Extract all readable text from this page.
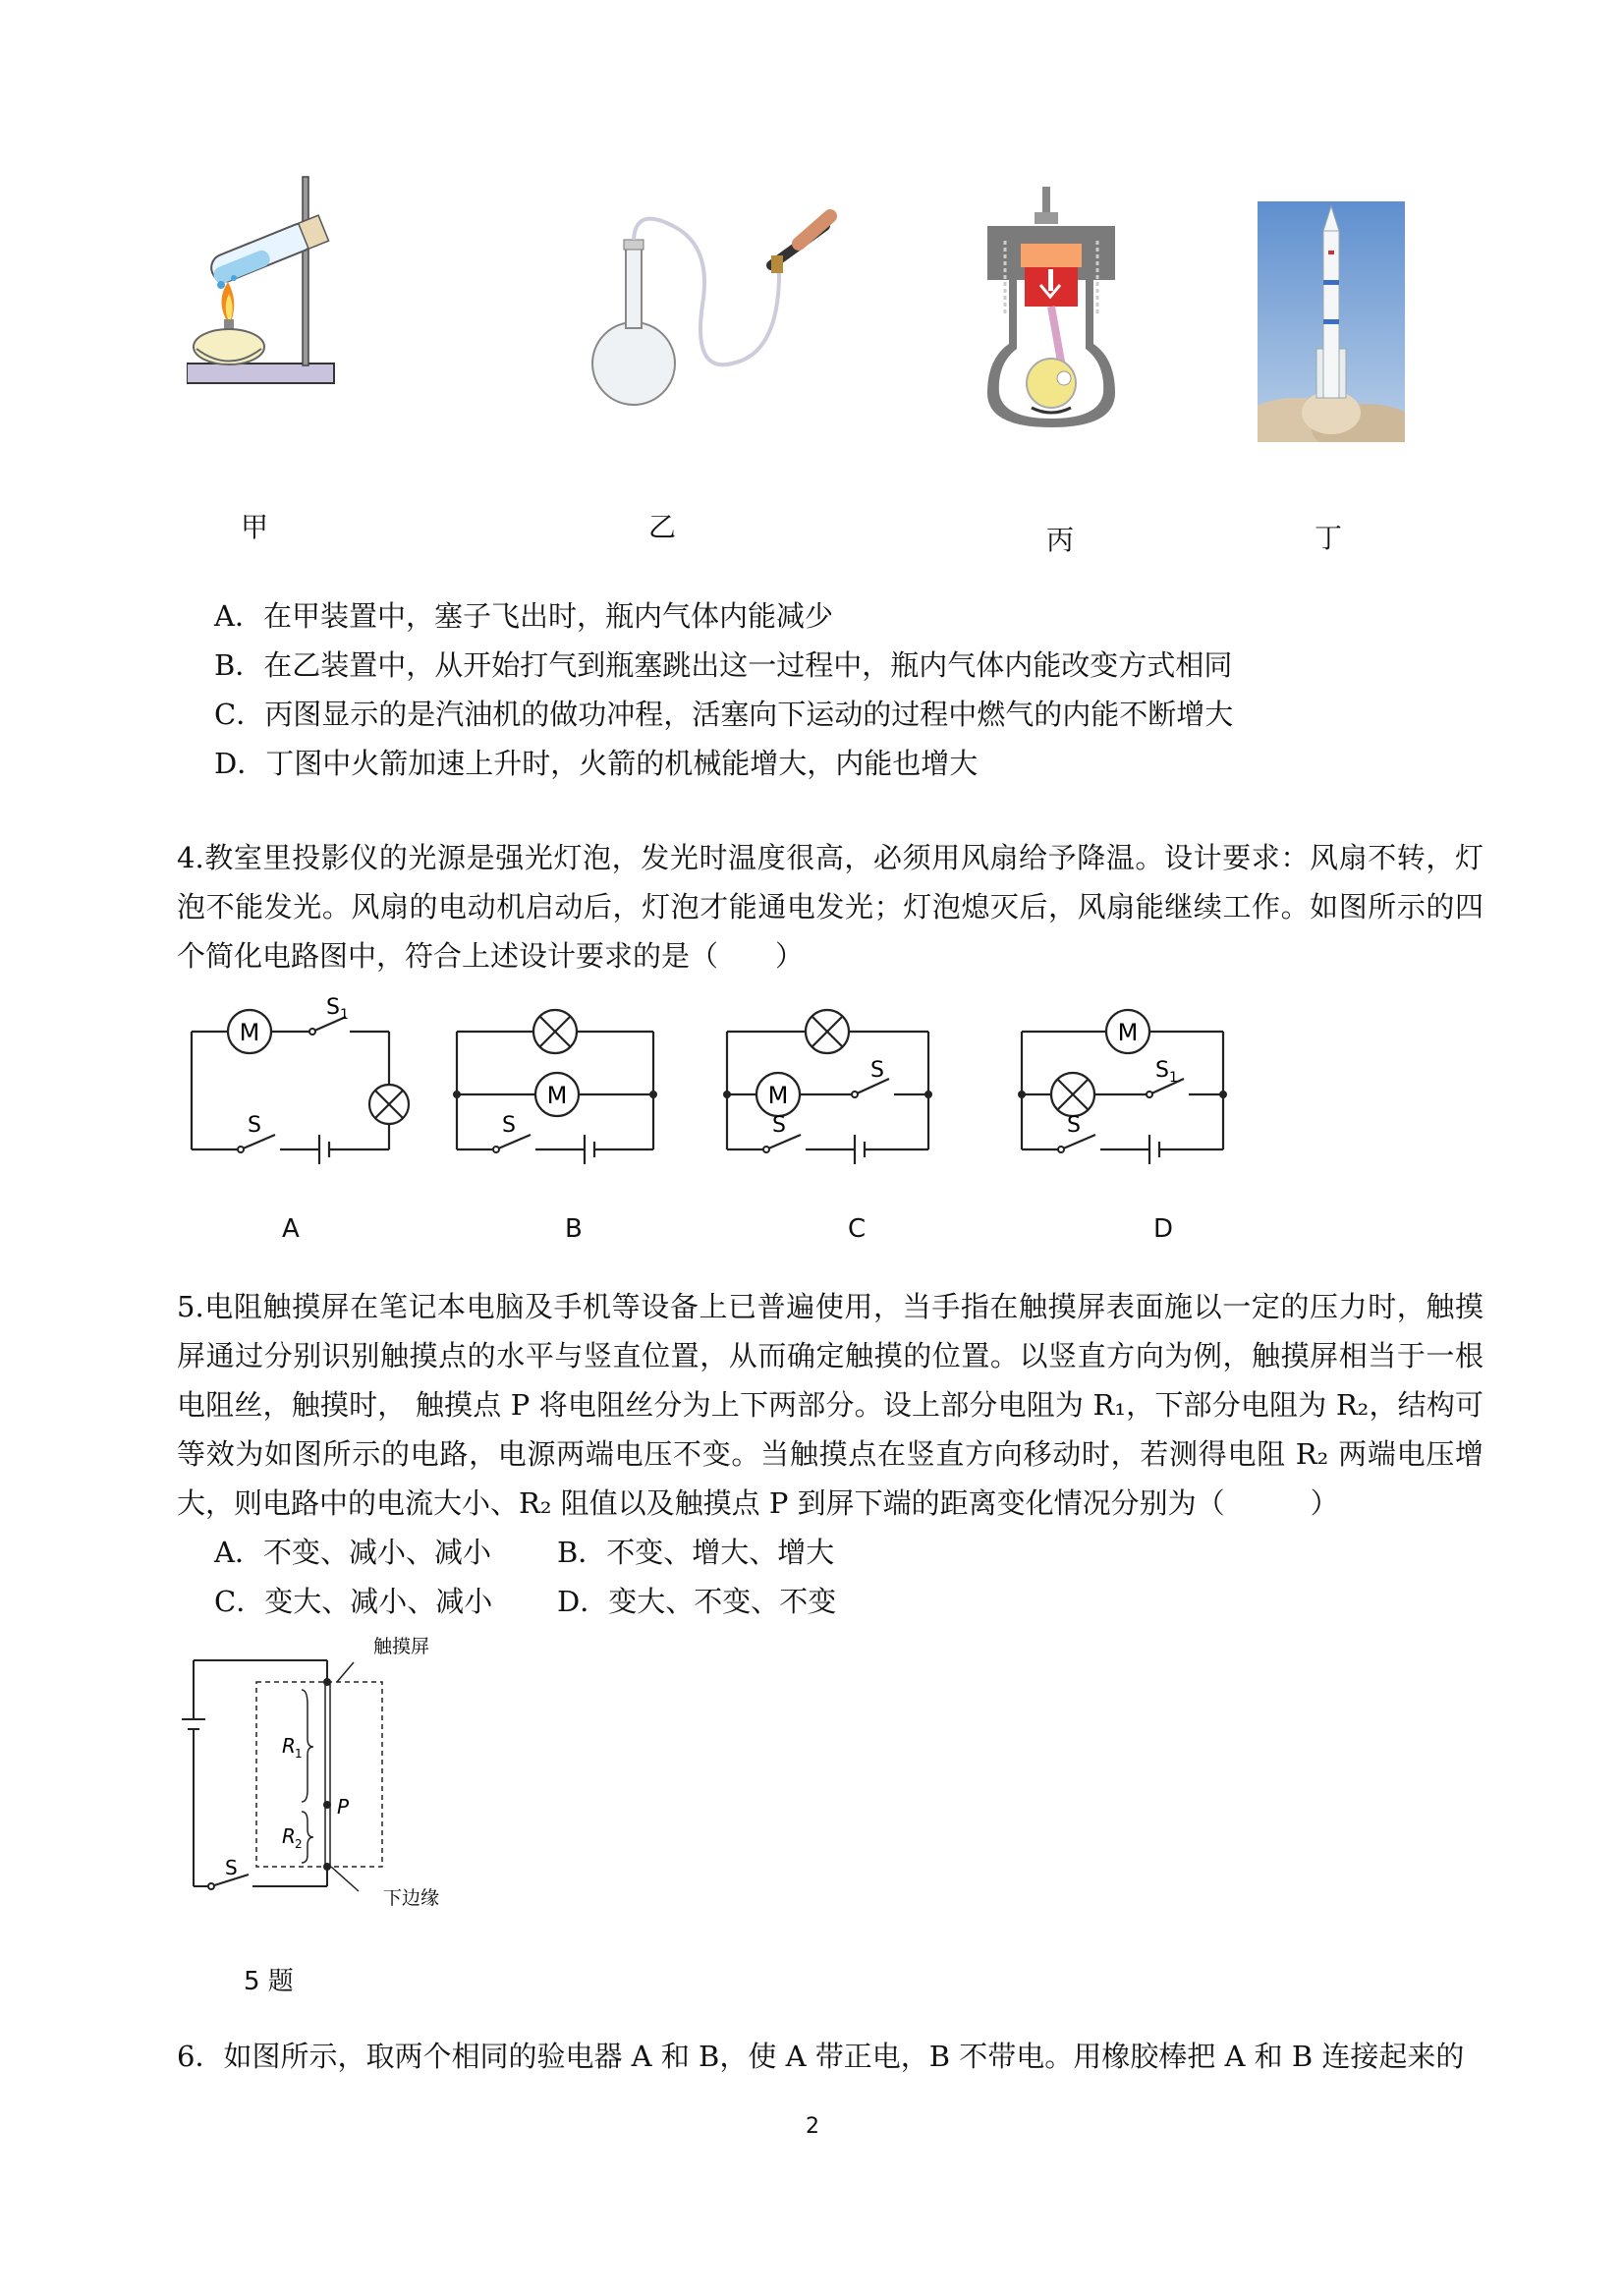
甲	乙	丙	丁
A．在甲装置中，塞子飞出时，瓶内气体内能减少
B．在乙装置中，从开始打气到瓶塞跳出这一过程中，瓶内气体内能改变方式相同
C．丙图显示的是汽油机的做功冲程，活塞向下运动的过程中燃气的内能不断增大
D．丁图中火箭加速上升时，火箭的机械能增大，内能也增大
4.教室里投影仪的光源是强光灯泡，发光时温度很高，必须用风扇给予降温。设计要求：风扇不转，灯泡不能发光。风扇的电动机启动后，灯泡才能通电发光；灯泡熄灭后，风扇能继续工作。如图所示的四个简化电路图中，符合上述设计要求的是（　　）
M
S 1
S
A
M
S
B
M
S
S
C
M
S 1
S
D
5.电阻触摸屏在笔记本电脑及手机等设备上已普遍使用，当手指在触摸屏表面施以一定的压力时，触摸屏通过分别识别触摸点的水平与竖直位置，从而确定触摸的位置。以竖直方向为例，触摸屏相当于一根电阻丝，触摸时， 触摸点 P 将电阻丝分为上下两部分。设上部分电阻为 R₁，下部分电阻为 R₂，结构可等效为如图所示的电路，电源两端电压不变。当触摸点在竖直方向移动时，若测得电阻 R₂ 两端电压增大，则电路中的电流大小、R₂ 阻值以及触摸点 P 到屏下端的距离变化情况分别为（　　　）
A．不变、减小、减小 B．不变、增大、增大
C．变大、减小、减小 D．变大、不变、不变
触摸屏
下边缘
R 1
R 2
P
S
5 题
6．如图所示，取两个相同的验电器 A 和 B，使 A 带正电，B 不带电。用橡胶棒把 A 和 B 连接起来的
2
